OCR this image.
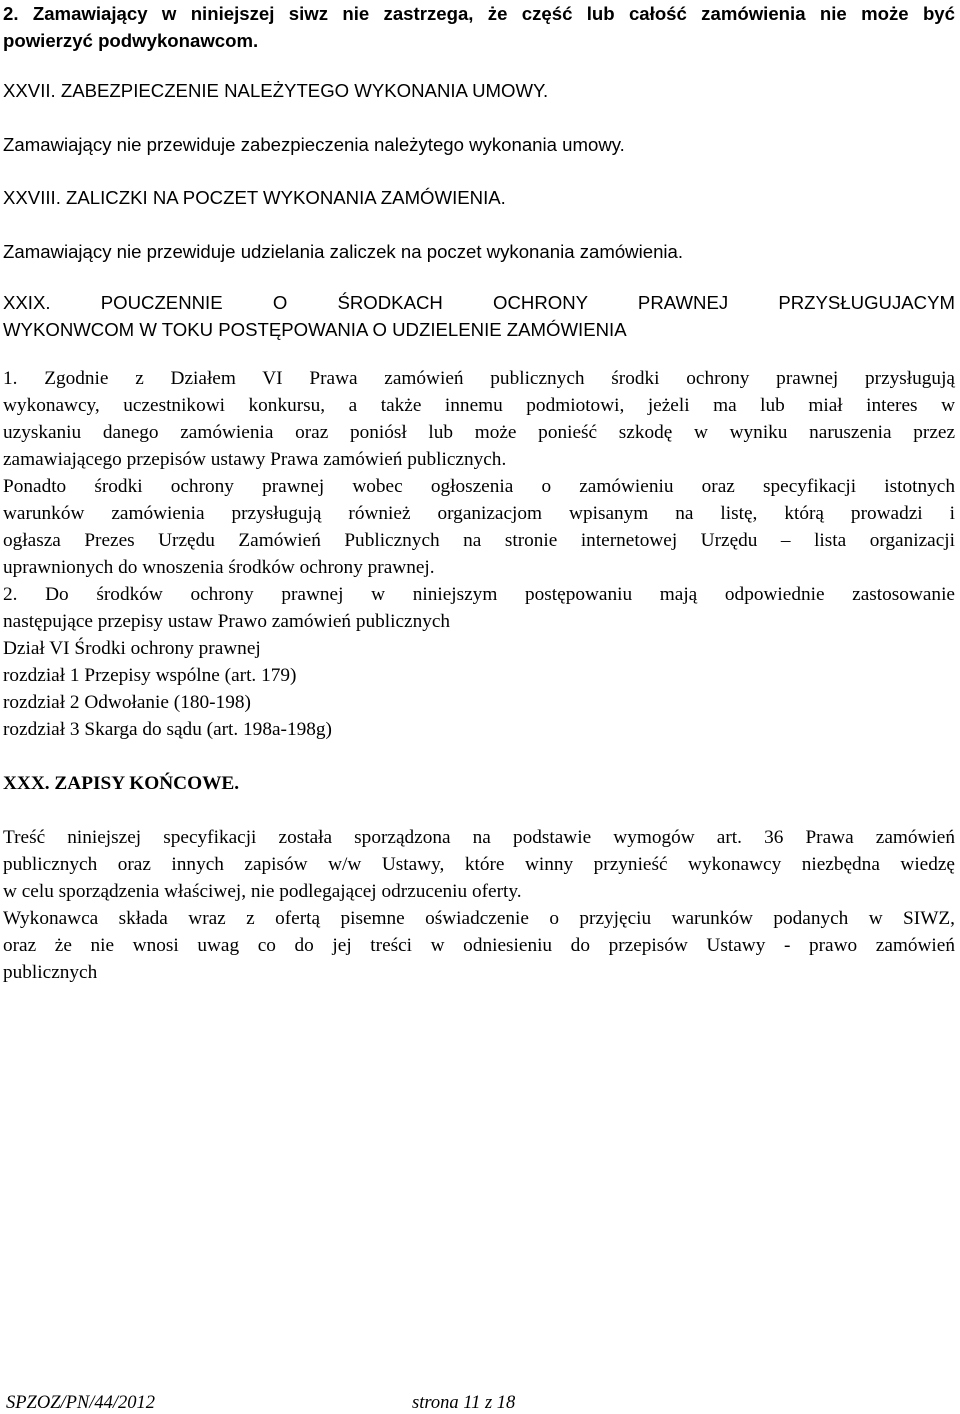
2. Zamawiający w niniejszej siwz nie zastrzega, że część lub całość zamówienia nie może być
powierzyć podwykonawcom.
XXVII. ZABEZPIECZENIE NALEŻYTEGO WYKONANIA UMOWY.
Zamawiający nie przewiduje zabezpieczenia należytego wykonania umowy.
XXVIII. ZALICZKI NA POCZET WYKONANIA ZAMÓWIENIA.
Zamawiający nie przewiduje udzielania zaliczek na poczet wykonania zamówienia.
XXIX. POUCZENNIE O ŚRODKACH OCHRONY PRAWNEJ PRZYSŁUGUJACYM
WYKONWCOM W TOKU POSTĘPOWANIA O UDZIELENIE ZAMÓWIENIA
1. Zgodnie z Działem VI Prawa zamówień publicznych środki ochrony prawnej przysługują
wykonawcy, uczestnikowi konkursu, a także innemu podmiotowi, jeżeli ma lub miał interes w
uzyskaniu danego zamówienia oraz poniósł lub może ponieść szkodę w wyniku naruszenia przez
zamawiającego przepisów ustawy Prawa zamówień publicznych.
Ponadto środki ochrony prawnej wobec ogłoszenia o zamówieniu oraz specyfikacji istotnych
warunków zamówienia przysługują również organizacjom wpisanym na listę, którą prowadzi i
ogłasza Prezes Urzędu Zamówień Publicznych na stronie internetowej Urzędu – lista organizacji
uprawnionych do wnoszenia środków ochrony prawnej.
2. Do środków ochrony prawnej w niniejszym postępowaniu mają odpowiednie zastosowanie
następujące przepisy ustaw Prawo zamówień publicznych
Dział VI Środki ochrony prawnej
rozdział 1 Przepisy wspólne (art. 179)
rozdział 2 Odwołanie (180-198)
rozdział 3 Skarga do sądu (art. 198a-198g)
XXX. ZAPISY KOŃCOWE.
Treść niniejszej specyfikacji została sporządzona na podstawie wymogów art. 36 Prawa zamówień
publicznych oraz innych zapisów w/w Ustawy, które winny przynieść wykonawcy niezbędna wiedzę
w celu sporządzenia właściwej, nie podlegającej odrzuceniu oferty.
Wykonawca składa wraz z ofertą pisemne oświadczenie o przyjęciu warunków podanych w SIWZ,
oraz że nie wnosi uwag co do jej treści w odniesieniu do przepisów Ustawy - prawo zamówień
publicznych
SPZOZ/PN/44/2012	strona 11 z 18
